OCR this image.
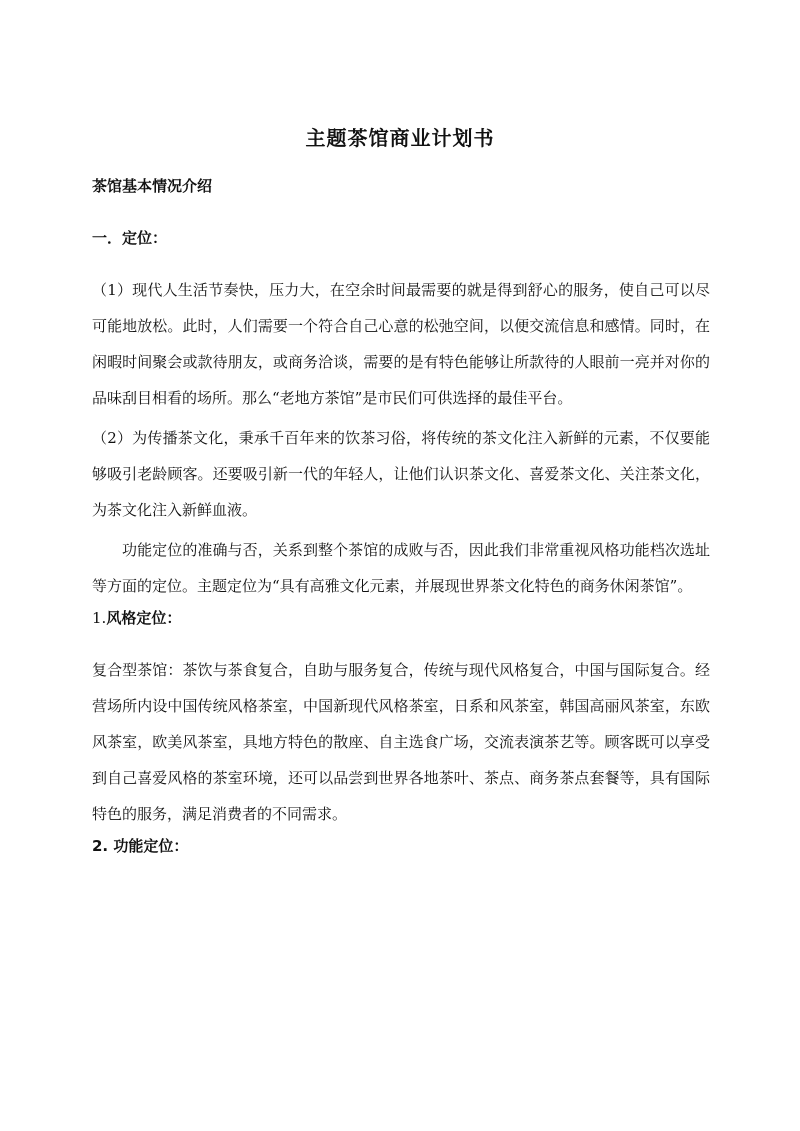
主题茶馆商业计划书
茶馆基本情况介绍
一．定位：

（1）现代人生活节奏快，压力大，在空余时间最需要的就是得到舒心的服务，使自己可以尽可能地放松。此时，人们需要一个符合自己心意的松弛空间，以便交流信息和感情。同时，在闲暇时间聚会或款待朋友，或商务洽谈，需要的是有特色能够让所款待的人眼前一亮并对你的品味刮目相看的场所。那么“老地方茶馆”是市民们可供选择的最佳平台。

（2）为传播茶文化，秉承千百年来的饮茶习俗，将传统的茶文化注入新鲜的元素，不仅要能够吸引老龄顾客。还要吸引新一代的年轻人，让他们认识茶文化、喜爱茶文化、关注茶文化，为茶文化注入新鲜血液。

功能定位的准确与否，关系到整个茶馆的成败与否，因此我们非常重视风格功能档次选址等方面的定位。主题定位为“具有高雅文化元素，并展现世界茶文化特色的商务休闲茶馆”。

1.风格定位：

复合型茶馆：茶饮与茶食复合，自助与服务复合，传统与现代风格复合，中国与国际复合。经营场所内设中国传统风格茶室，中国新现代风格茶室，日系和风茶室，韩国高丽风茶室，东欧风茶室，欧美风茶室，具地方特色的散座、自主选食广场，交流表演茶艺等。顾客既可以享受到自己喜爱风格的茶室环境，还可以品尝到世界各地茶叶、茶点、商务茶点套餐等，具有国际特色的服务，满足消费者的不同需求。

2. 功能定位：
